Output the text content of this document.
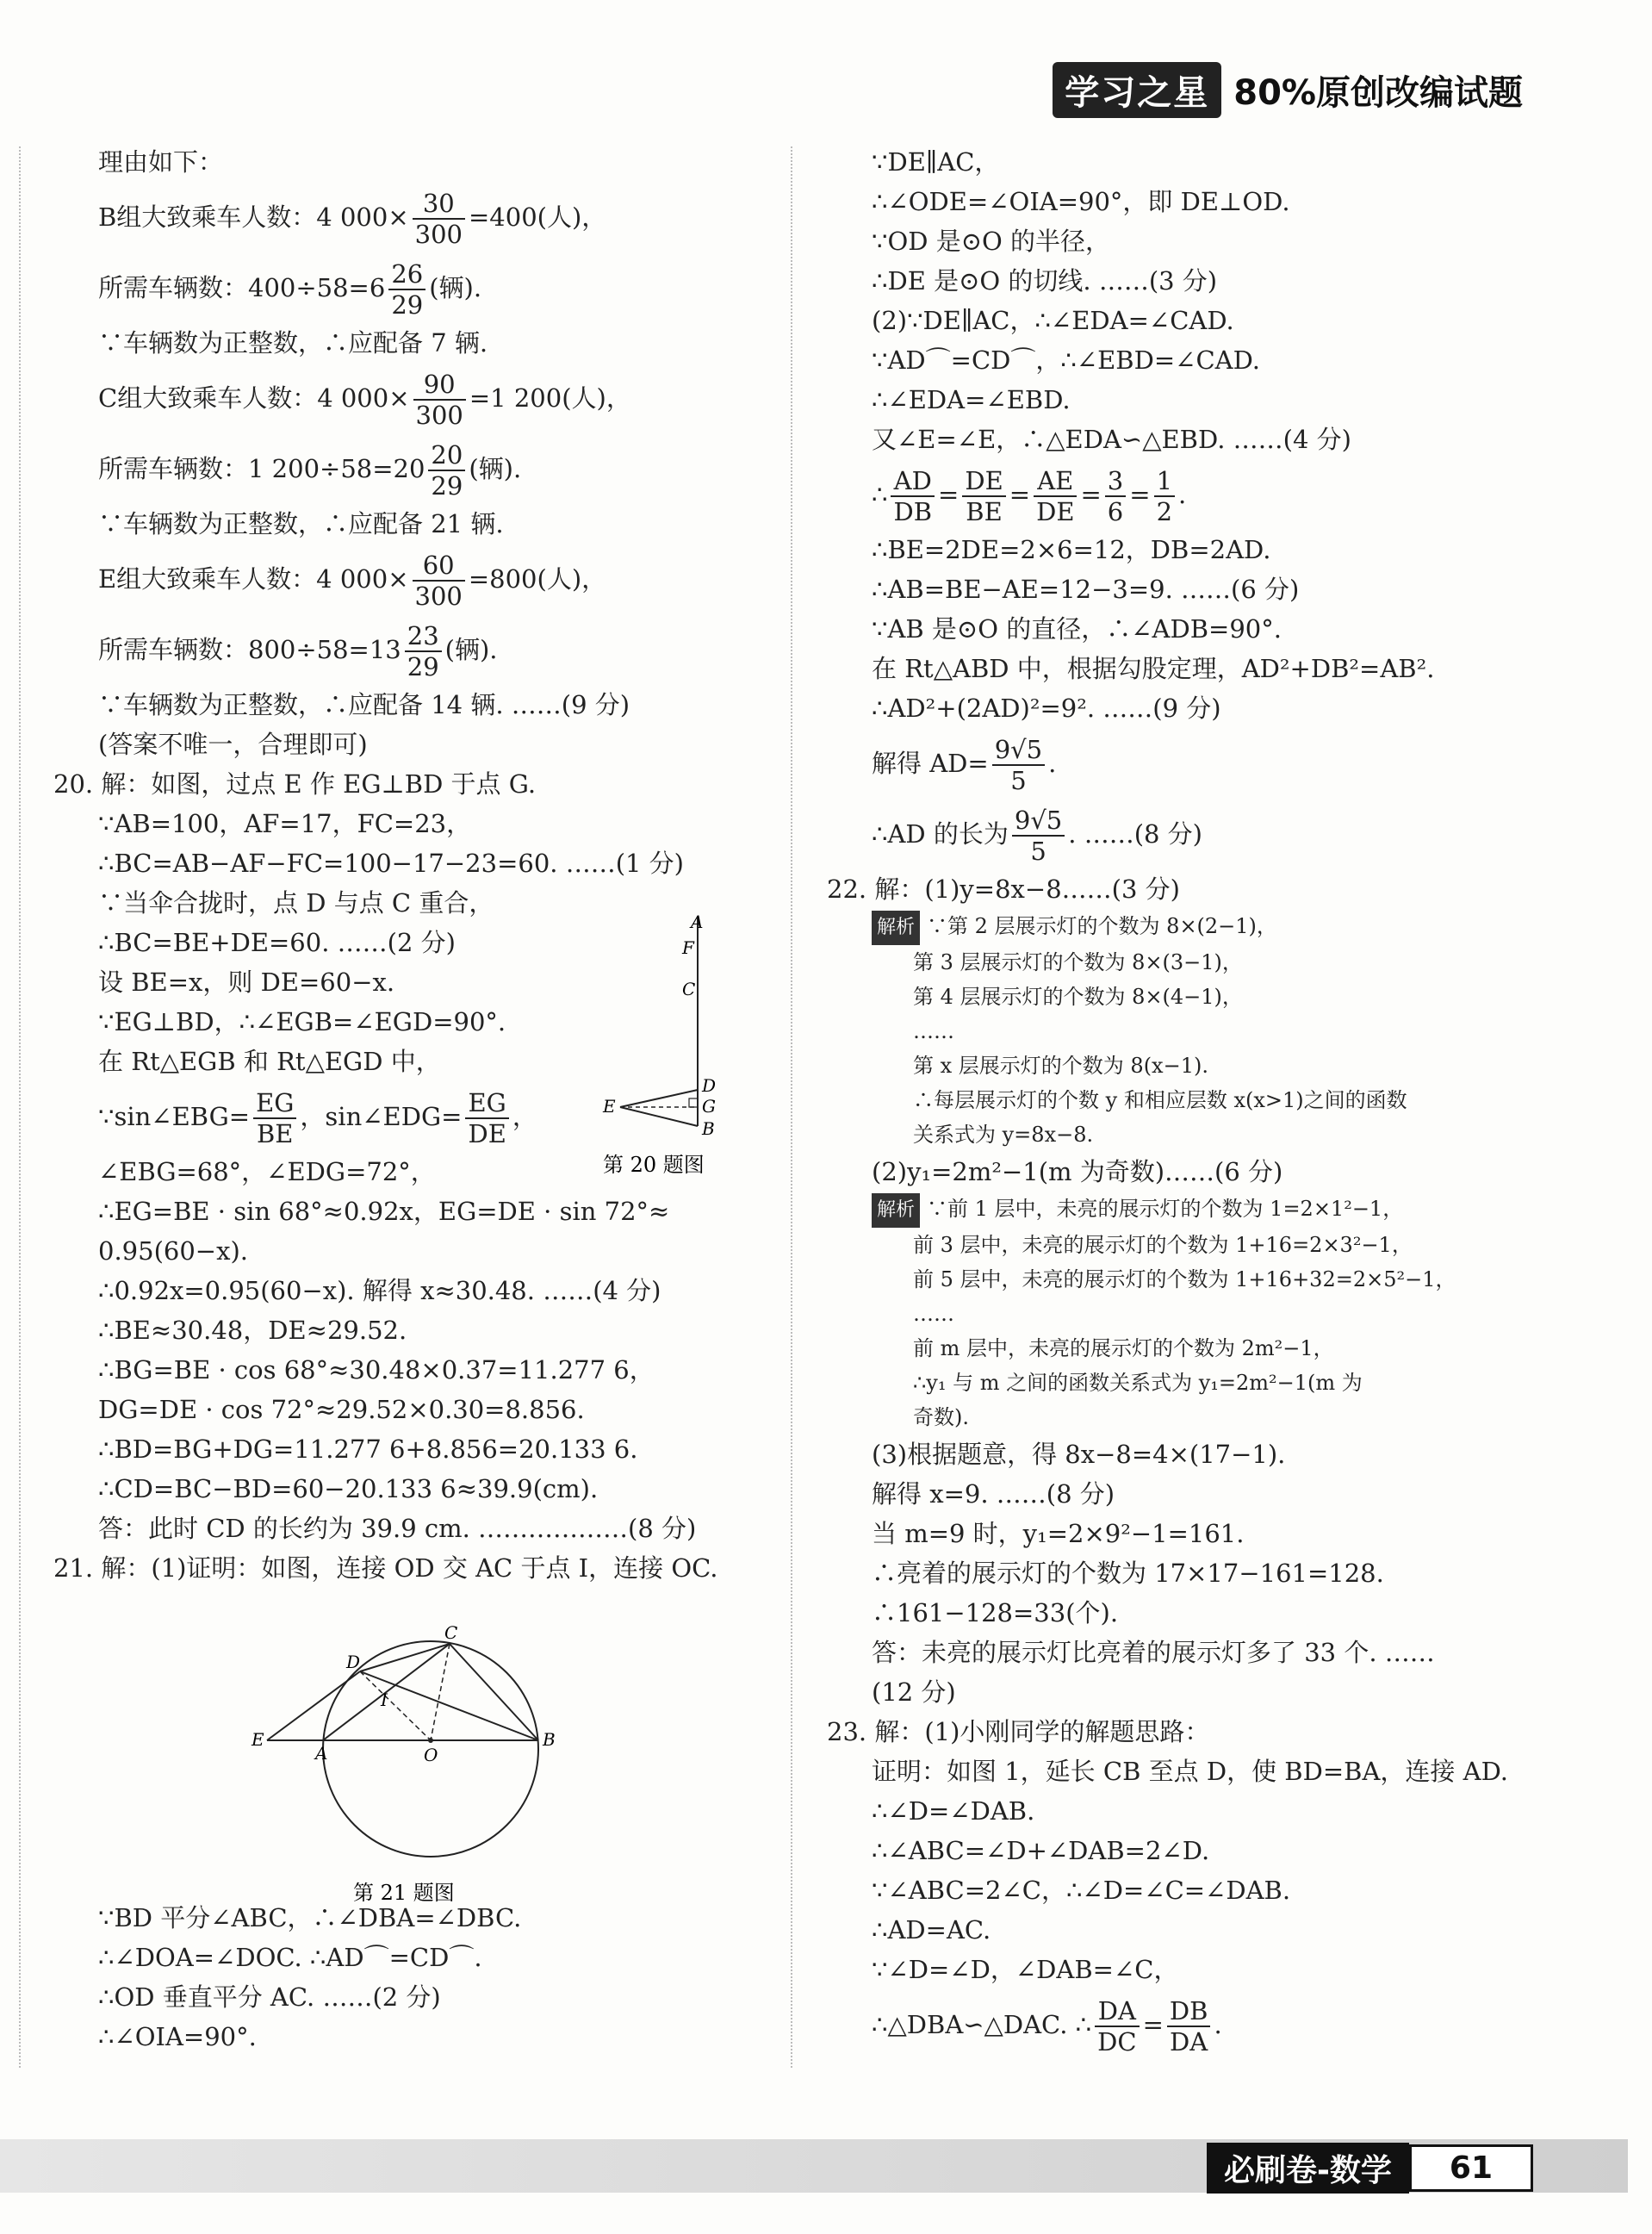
学习之星 80%原创改编试题
理由如下：
B组大致乘车人数：4 $000\times \frac{30}{300} =400$(人)，
所需车辆数：$400\div 58=6 \frac{26}{29}$ (辆).
∵车辆数为正整数，∴应配备 7 辆.
C组大致乘车人数：4 $000\times \frac{90}{300} =1$ 200(人)，
所需车辆数：1 $200\div 58=20 \frac{20}{29}$ (辆).
∵车辆数为正整数，∴应配备 21 辆.
E组大致乘车人数：4 $000\times \frac{60}{300} =800$(人)，
所需车辆数：$800\div 58=13 \frac{23}{29}$ (辆).
∵车辆数为正整数，∴应配备 14 辆. ……(9 分)
(答案不唯一，合理即可)
20. 解：如图，过点 E 作 EG⊥BD 于点 G.
∵AB=100，AF=17，FC=23，
∴BC=AB−AF−FC=100−17−23=60. ……(1 分)
∵当伞合拢时，点 D 与点 C 重合，
∴BC=BE+DE=60. ……(2 分)
设 BE=x，则 DE=60−x.
∵EG⊥BD，∴∠EGB=∠EGD=90°.
在 Rt△EGB 和 Rt△EGD 中，
∵sin∠EBG= $\frac{EG}{BE}$ ，sin∠EDG= $\frac{EG}{DE}$ ，
∠EBG=68°，∠EDG=72°，
∴EG=BE · sin 68°≈0.92x，EG=DE · sin 72°≈
0.95(60−x).
∴0.92x=0.95(60−x). 解得 x≈30.48. ……(4 分)
∴BE≈30.48，DE≈29.52.
∴BG=BE · cos 68°≈30.48×0.37=11.277 6，
DG=DE · cos 72°≈29.52×0.30=8.856.
∴BD=BG+DG=11.277 6+8.856=20.133 6.
∴CD=BC−BD=60−20.133 6≈39.9(cm).
答：此时 CD 的长约为 39.9 cm. ………………(8 分)
21. 解：(1)证明：如图，连接 OD 交 AC 于点 I，连接 OC.
∵BD 平分∠ABC，∴∠DBA=∠DBC.
∴∠DOA=∠DOC. ∴AD⌒=CD⌒.
∴OD 垂直平分 AC. ……(2 分)
∴∠OIA=90°.
A
F
C
D
E	G
B
第 20 题图
C
D
I
E
A	O
B
第 21 题图
∵DE∥AC，
∴∠ODE=∠OIA=90°，即 DE⊥OD.
∵OD 是⊙O 的半径，
∴DE 是⊙O 的切线. ……(3 分)
(2)∵DE∥AC，∴∠EDA=∠CAD.
∵AD⌒=CD⌒，∴∠EBD=∠CAD.
∴∠EDA=∠EBD.
又∠E=∠E，∴△EDA∽△EBD. ……(4 分)
∴ $\frac{AD}{DB} = \frac{DE}{BE} = \frac{AE}{DE} = \frac{3}{6} = \frac{1}{2}$ .
∴BE=2DE=2×6=12，DB=2AD.
∴AB=BE−AE=12−3=9. ……(6 分)
∵AB 是⊙O 的直径，∴∠ADB=90°.
在 Rt△ABD 中，根据勾股定理，AD²+DB²=AB².
∴AD²+(2AD)²=9². ……(9 分)
解得 $AD= \frac{9√5}{5}$ .
∴AD 的长为 $\frac{9√5}{5}$ . ……(8 分)
22. 解：(1)y=8x−8……(3 分)
解析 ∵第 2 层展示灯的个数为 8×(2−1)，
第 3 层展示灯的个数为 8×(3−1)，
第 4 层展示灯的个数为 8×(4−1)，
……
第 x 层展示灯的个数为 8(x−1).
∴每层展示灯的个数 y 和相应层数 x(x>1)之间的函数
关系式为 y=8x−8.
(2)y₁=2m²−1(m 为奇数)……(6 分)
解析 ∵前 1 层中，未亮的展示灯的个数为 1=2×1²−1，
前 3 层中，未亮的展示灯的个数为 1+16=2×3²−1，
前 5 层中，未亮的展示灯的个数为 1+16+32=2×5²−1，
……
前 m 层中，未亮的展示灯的个数为 2m²−1，
∴y₁ 与 m 之间的函数关系式为 y₁=2m²−1(m 为
奇数).
(3)根据题意，得 8x−8=4×(17−1).
解得 x=9. ……(8 分)
当 m=9 时，y₁=2×9²−1=161.
∴亮着的展示灯的个数为 17×17−161=128.
∴161−128=33(个).
答：未亮的展示灯比亮着的展示灯多了 33 个. ……
(12 分)
23. 解：(1)小刚同学的解题思路：
证明：如图 1，延长 CB 至点 D，使 BD=BA，连接 AD.
∴∠D=∠DAB.
∴∠ABC=∠D+∠DAB=2∠D.
∵∠ABC=2∠C，∴∠D=∠C=∠DAB.
∴AD=AC.
∵∠D=∠D，∠DAB=∠C，
∴△DBA∽△DAC. ∴ $\frac{DA}{DC} = \frac{DB}{DA}$ .
必刷卷-数学	61
